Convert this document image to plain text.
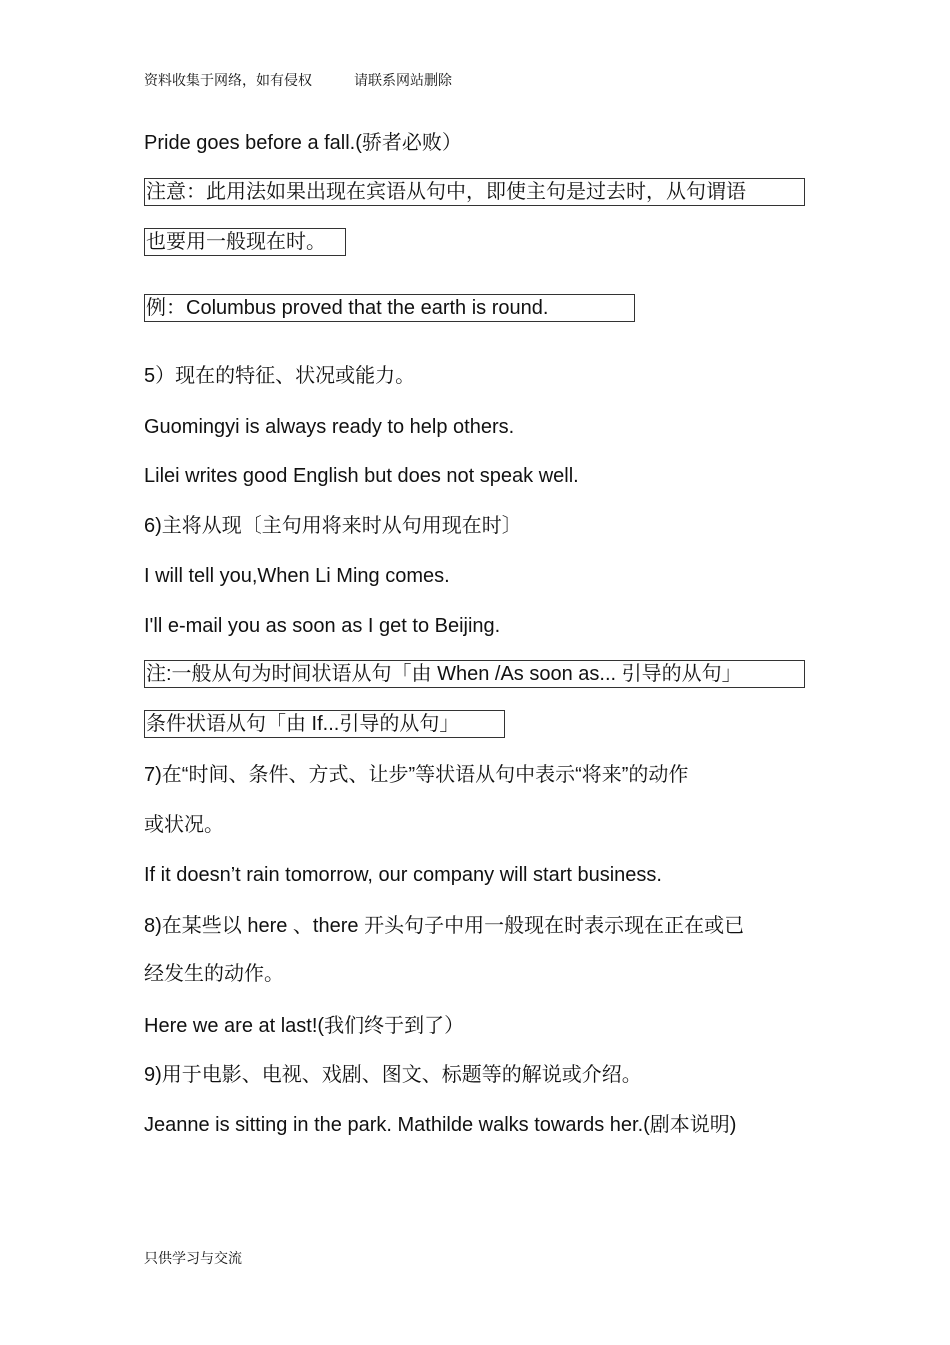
资料收集于网络，如有侵权	请联系网站删除
Pride goes before a fall.(骄者必败）
注意：此用法如果出现在宾语从句中，即使主句是过去时，从句谓语
也要用一般现在时。
例：Columbus proved that the earth is round.
5）现在的特征、状况或能力。
Guomingyi is always ready to help others.
Lilei writes good English but does not speak well.
6)主将从现〔主句用将来时从句用现在时〕
I will tell you,When Li Ming comes.
I'll e-mail you as soon as I get to Beijing.
注:一般从句为时间状语从句「由 When /As soon as... 引导的从句」
条件状语从句「由 If...引导的从句」
7)在“时间、条件、方式、让步”等状语从句中表示“将来”的动作
或状况。
If it doesn’t rain tomorrow, our company will start business.
8)在某些以 here 、there 开头句子中用一般现在时表示现在正在或已
经发生的动作。
Here we are at last!(我们终于到了）
9)用于电影、电视、戏剧、图文、标题等的解说或介绍。
Jeanne is sitting in the park. Mathilde walks towards her.(剧本说明)
只供学习与交流
